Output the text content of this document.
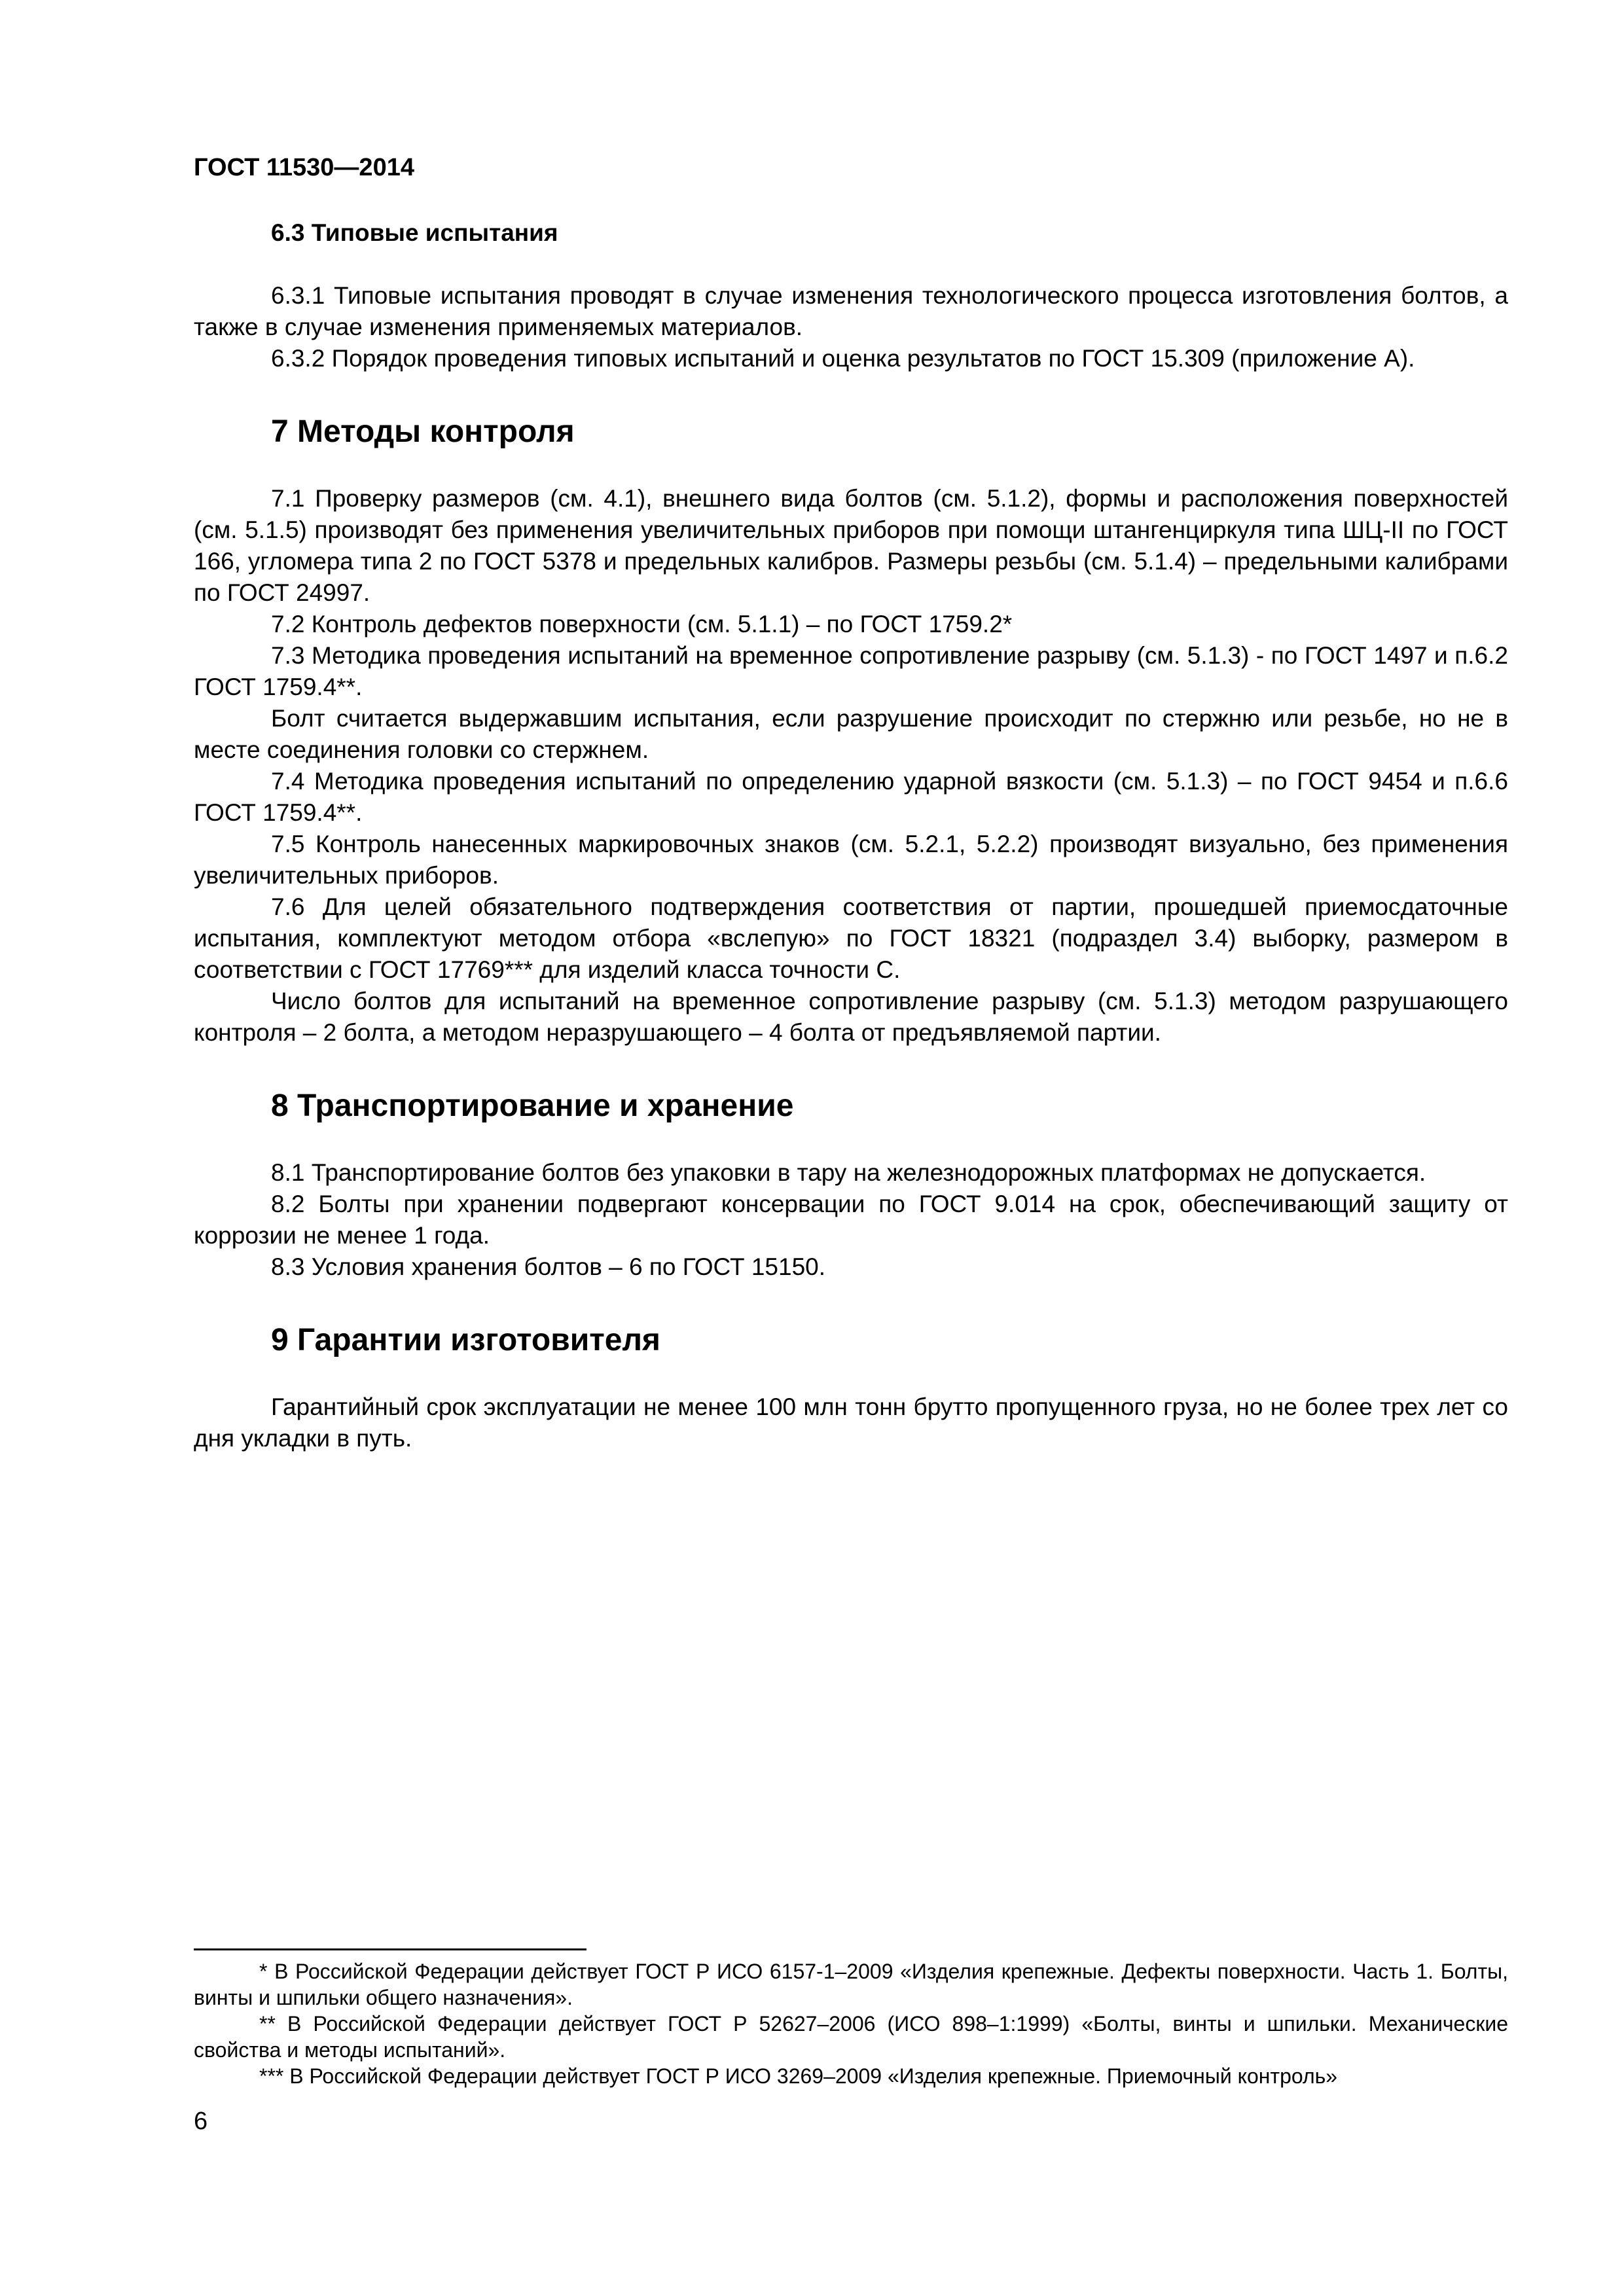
ГОСТ 11530—2014
6.3 Типовые испытания

6.3.1 Типовые испытания проводят в случае изменения технологического процесса изготовления болтов, а также в случае изменения применяемых материалов.

6.3.2 Порядок проведения типовых испытаний и оценка результатов по ГОСТ 15.309 (приложение А).

7 Методы контроля

7.1 Проверку размеров (см. 4.1), внешнего вида болтов (см. 5.1.2), формы и расположения поверхностей (см. 5.1.5) производят без применения увеличительных приборов при помощи штангенциркуля типа ШЦ-II по ГОСТ 166, угломера типа 2 по ГОСТ 5378 и предельных калибров. Размеры резьбы (см. 5.1.4) – предельными калибрами по ГОСТ 24997.

7.2 Контроль дефектов поверхности (см. 5.1.1) – по ГОСТ 1759.2*

7.3 Методика проведения испытаний на временное сопротивление разрыву (см. 5.1.3) - по ГОСТ 1497 и п.6.2 ГОСТ 1759.4**.

Болт считается выдержавшим испытания, если разрушение происходит по стержню или резьбе, но не в месте соединения головки со стержнем.

7.4 Методика проведения испытаний по определению ударной вязкости (см. 5.1.3) – по ГОСТ 9454 и п.6.6 ГОСТ 1759.4**.

7.5 Контроль нанесенных маркировочных знаков (см. 5.2.1, 5.2.2) производят визуально, без применения увеличительных приборов.

7.6 Для целей обязательного подтверждения соответствия от партии, прошедшей приемосдаточные испытания, комплектуют методом отбора «вслепую» по ГОСТ 18321 (подраздел 3.4) выборку, размером в соответствии с ГОСТ 17769*** для изделий класса точности С.

Число болтов для испытаний на временное сопротивление разрыву (см. 5.1.3) методом разрушающего контроля – 2 болта, а методом неразрушающего – 4 болта от предъявляемой партии.

8 Транспортирование и хранение

8.1 Транспортирование болтов без упаковки в тару на железнодорожных платформах не допускается.

8.2 Болты при хранении подвергают консервации по ГОСТ 9.014 на срок, обеспечивающий защиту от коррозии не менее 1 года.

8.3 Условия хранения болтов – 6 по ГОСТ 15150.

9 Гарантии изготовителя

Гарантийный срок эксплуатации не менее 100 млн тонн брутто пропущенного груза, но не более трех лет со дня укладки в путь.

* В Российской Федерации действует ГОСТ Р ИСО 6157-1–2009 «Изделия крепежные. Дефекты поверхности. Часть 1. Болты, винты и шпильки общего назначения».

** В Российской Федерации действует ГОСТ Р 52627–2006 (ИСО 898–1:1999) «Болты, винты и шпильки. Механические свойства и методы испытаний».

*** В Российской Федерации действует ГОСТ Р ИСО 3269–2009 «Изделия крепежные. Приемочный контроль»

6
